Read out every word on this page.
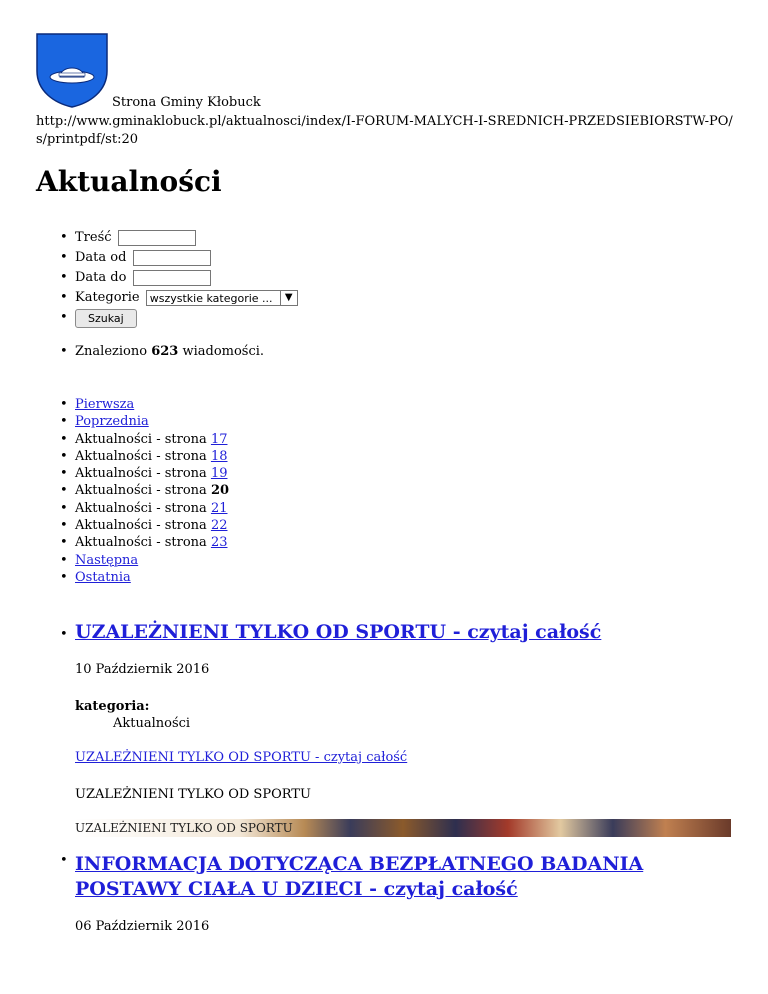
Strona Gminy Kłobuck
http://www.gminaklobuck.pl/aktualnosci/index/I-FORUM-MALYCH-I-SREDNICH-PRZEDSIEBIORSTW-PO/s/printpdf/st:20
Aktualności
• Treść
• Data od
• Data do
• Kategorie wszystkie kategorie ...	▼
• Szukaj
• Znaleziono 623 wiadomości.
• Pierwsza
• Poprzednia
• Aktualności - strona 17
• Aktualności - strona 18
• Aktualności - strona 19
• Aktualności - strona 20
• Aktualności - strona 21
• Aktualności - strona 22
• Aktualności - strona 23
• Następna
• Ostatnia
• UZALEŻNIENI TYLKO OD SPORTU - czytaj całość
10 Październik 2016
kategoria:
Aktualności
UZALEŻNIENI TYLKO OD SPORTU - czytaj całość
UZALEŻNIENI TYLKO OD SPORTU
UZALEŻNIENI TYLKO OD SPORTU
• INFORMACJA DOTYCZĄCA BEZPŁATNEGO BADANIA POSTAWY CIAŁA U DZIECI - czytaj całość
06 Październik 2016
